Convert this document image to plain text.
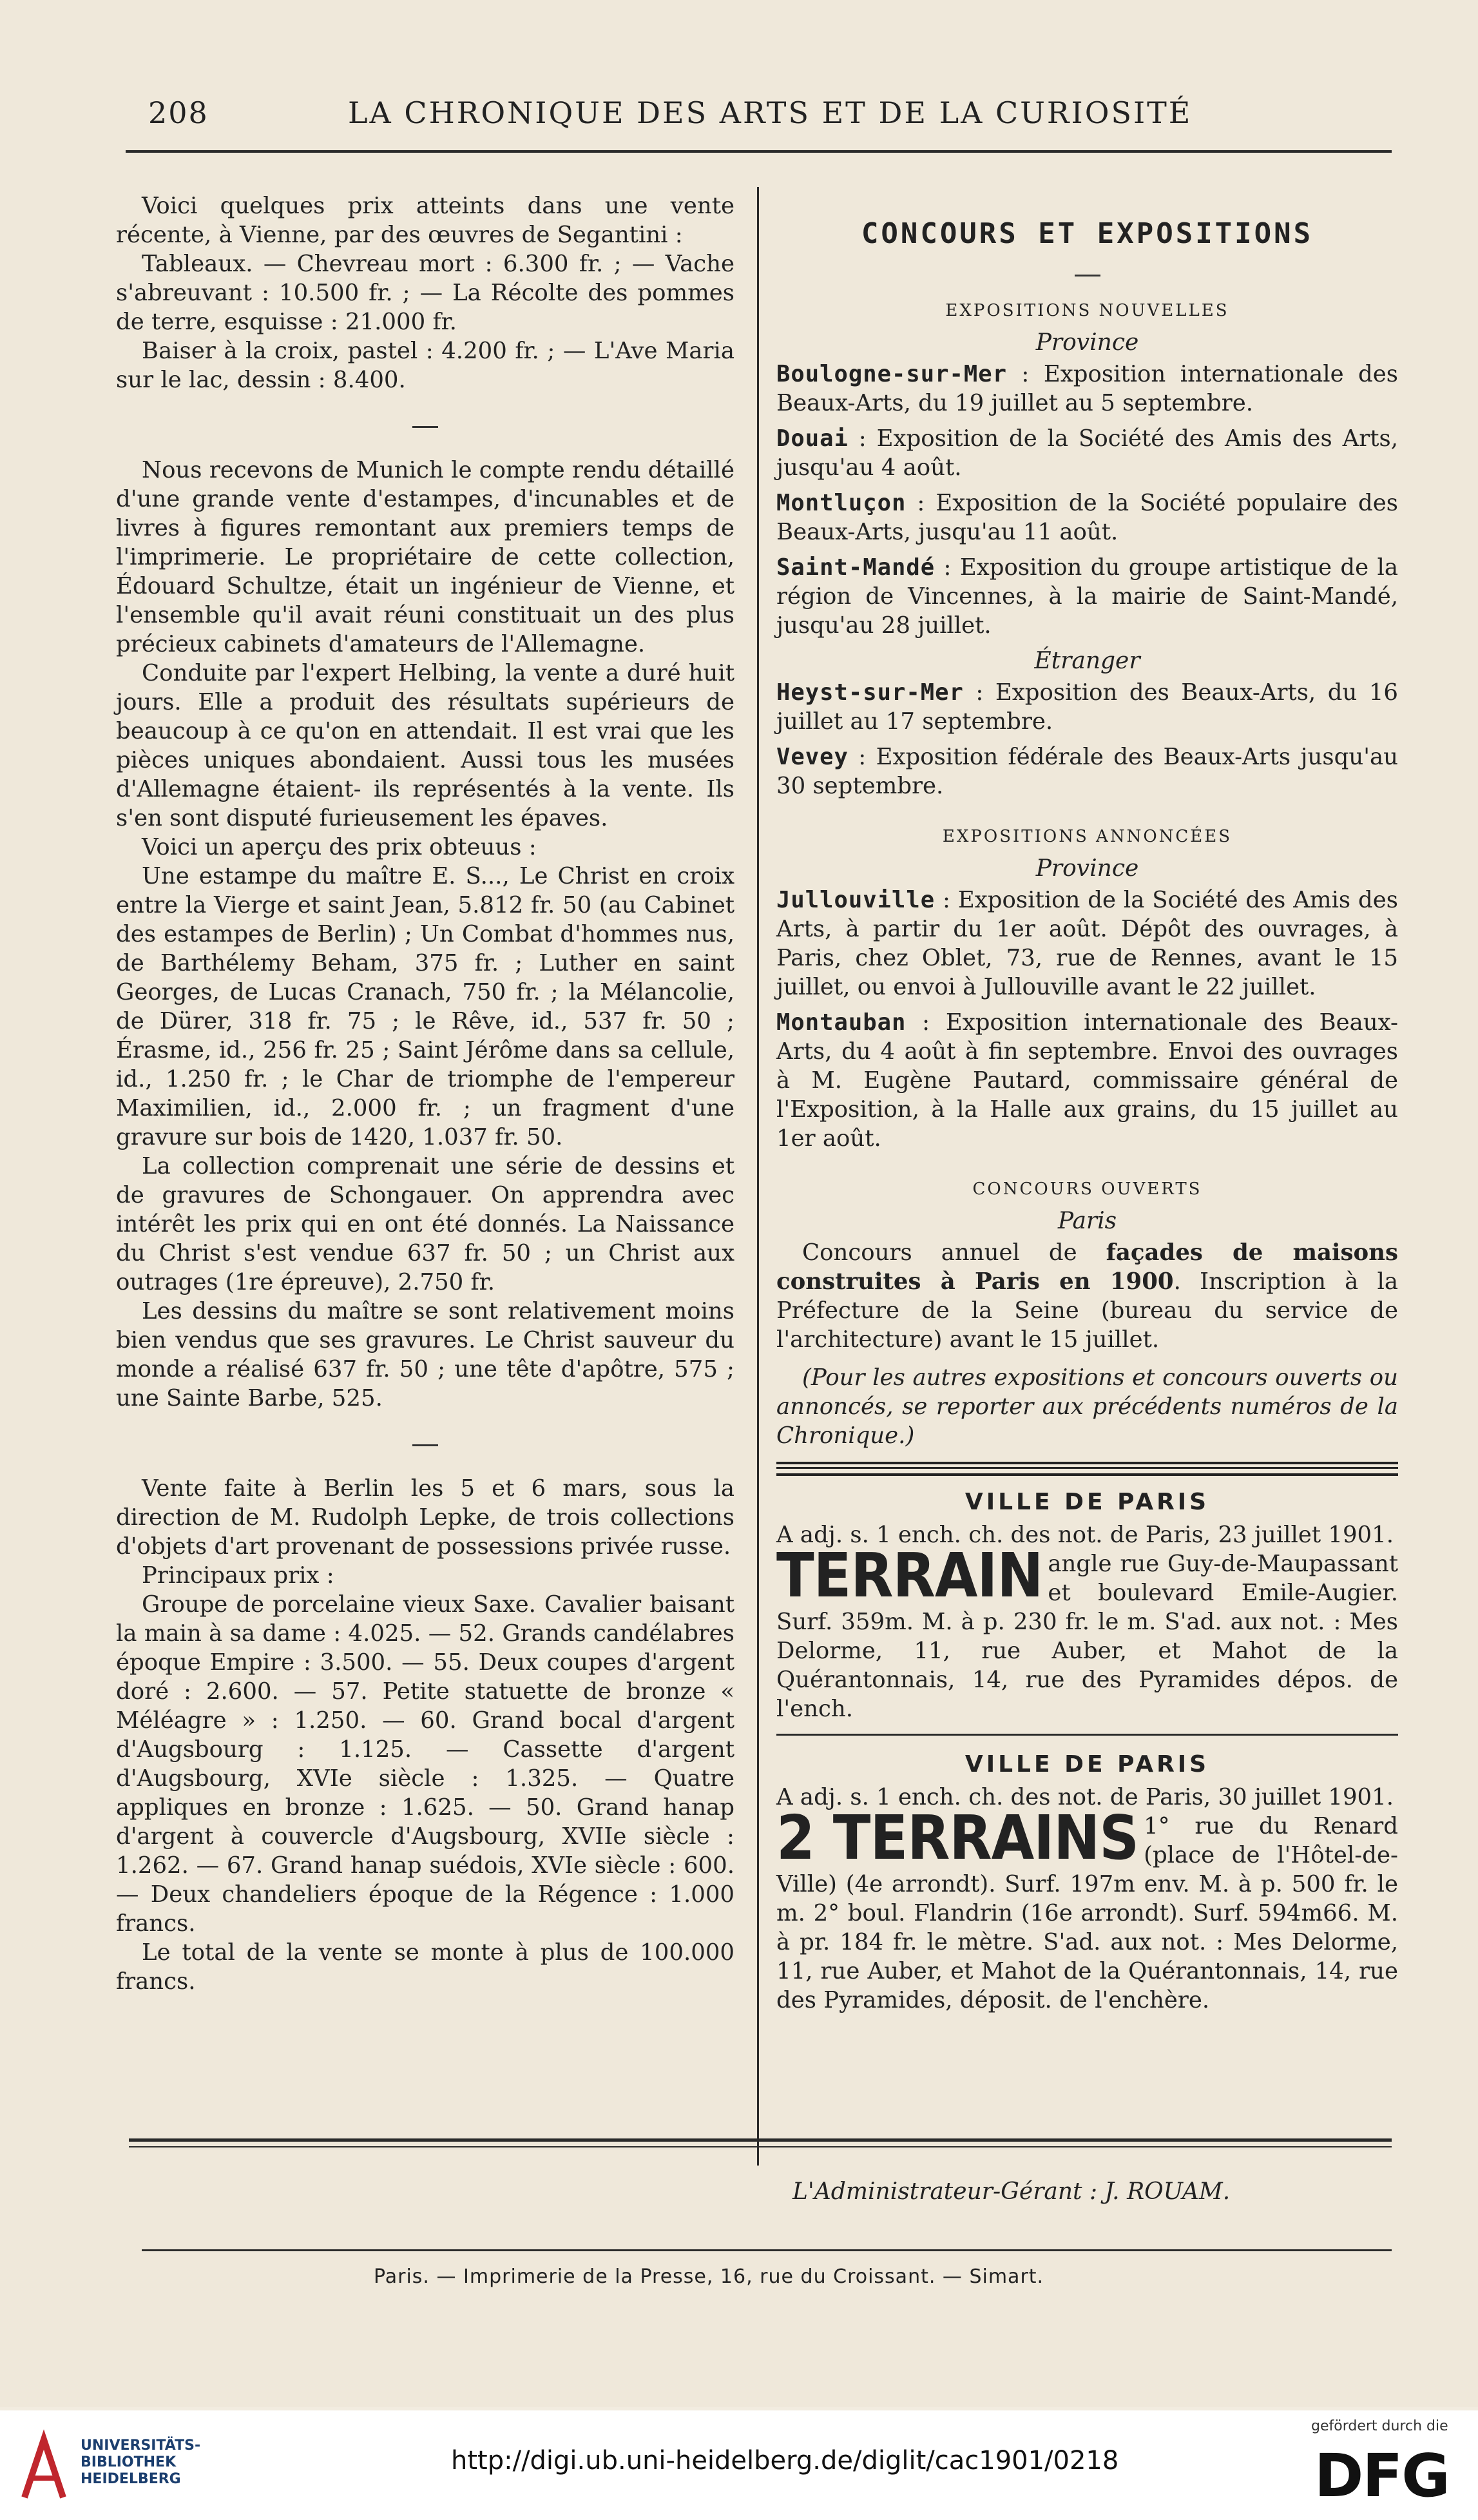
208	LA CHRONIQUE DES ARTS ET DE LA CURIOSITÉ

Voici quelques prix atteints dans une vente récente, à Vienne, par des œuvres de Segantini :

Tableaux. — Chevreau mort : 6.300 fr. ; — Vache s'abreuvant : 10.500 fr. ; — La Récolte des pommes de terre, esquisse : 21.000 fr.

Baiser à la croix, pastel : 4.200 fr. ; — L'Ave Maria sur le lac, dessin : 8.400.

Nous recevons de Munich le compte rendu détaillé d'une grande vente d'estampes, d'incunables et de livres à figures remontant aux premiers temps de l'imprimerie. Le propriétaire de cette collection, Édouard Schultze, était un ingénieur de Vienne, et l'ensemble qu'il avait réuni constituait un des plus précieux cabinets d'amateurs de l'Allemagne.

Conduite par l'expert Helbing, la vente a duré huit jours. Elle a produit des résultats supérieurs de beaucoup à ce qu'on en attendait. Il est vrai que les pièces uniques abondaient. Aussi tous les musées d'Allemagne étaient- ils représentés à la vente. Ils s'en sont disputé furieusement les épaves.

Voici un aperçu des prix obteuus :

Une estampe du maître E. S..., Le Christ en croix entre la Vierge et saint Jean, 5.812 fr. 50 (au Cabinet des estampes de Berlin) ; Un Combat d'hommes nus, de Barthélemy Beham, 375 fr. ; Luther en saint Georges, de Lucas Cranach, 750 fr. ; la Mélancolie, de Dürer, 318 fr. 75 ; le Rêve, id., 537 fr. 50 ; Érasme, id., 256 fr. 25 ; Saint Jérôme dans sa cellule, id., 1.250 fr. ; le Char de triomphe de l'empereur Maximilien, id., 2.000 fr. ; un fragment d'une gravure sur bois de 1420, 1.037 fr. 50.

La collection comprenait une série de dessins et de gravures de Schongauer. On apprendra avec intérêt les prix qui en ont été donnés. La Naissance du Christ s'est vendue 637 fr. 50 ; un Christ aux outrages (1re épreuve), 2.750 fr.

Les dessins du maître se sont relativement moins bien vendus que ses gravures. Le Christ sauveur du monde a réalisé 637 fr. 50 ; une tête d'apôtre, 575 ; une Sainte Barbe, 525.

Vente faite à Berlin les 5 et 6 mars, sous la direction de M. Rudolph Lepke, de trois collections d'objets d'art provenant de possessions privée russe.

Principaux prix :

Groupe de porcelaine vieux Saxe. Cavalier baisant la main à sa dame : 4.025. — 52. Grands candélabres époque Empire : 3.500. — 55. Deux coupes d'argent doré : 2.600. — 57. Petite statuette de bronze « Méléagre » : 1.250. — 60. Grand bocal d'argent d'Augsbourg : 1.125. — Cassette d'argent d'Augsbourg, XVIe siècle : 1.325. — Quatre appliques en bronze : 1.625. — 50. Grand hanap d'argent à couvercle d'Augsbourg, XVIIe siècle : 1.262. — 67. Grand hanap suédois, XVIe siècle : 600. — Deux chandeliers époque de la Régence : 1.000 francs.

Le total de la vente se monte à plus de 100.000 francs.

CONCOURS ET EXPOSITIONS
EXPOSITIONS NOUVELLES
Province

Boulogne-sur-Mer : Exposition internationale des Beaux-Arts, du 19 juillet au 5 septembre.

Douai : Exposition de la Société des Amis des Arts, jusqu'au 4 août.

Montluçon : Exposition de la Société populaire des Beaux-Arts, jusqu'au 11 août.

Saint-Mandé : Exposition du groupe artistique de la région de Vincennes, à la mairie de Saint-Mandé, jusqu'au 28 juillet.

Étranger

Heyst-sur-Mer : Exposition des Beaux-Arts, du 16 juillet au 17 septembre.

Vevey : Exposition fédérale des Beaux-Arts jusqu'au 30 septembre.

EXPOSITIONS ANNONCÉES
Province

Jullouville : Exposition de la Société des Amis des Arts, à partir du 1er août. Dépôt des ouvrages, à Paris, chez Oblet, 73, rue de Rennes, avant le 15 juillet, ou envoi à Jullouville avant le 22 juillet.

Montauban : Exposition internationale des Beaux-Arts, du 4 août à fin septembre. Envoi des ouvrages à M. Eugène Pautard, commissaire général de l'Exposition, à la Halle aux grains, du 15 juillet au 1er août.

CONCOURS OUVERTS
Paris

Concours annuel de façades de maisons construites à Paris en 1900. Inscription à la Préfecture de la Seine (bureau du service de l'architecture) avant le 15 juillet.

(Pour les autres expositions et concours ouverts ou annoncés, se reporter aux précédents numéros de la Chronique.)

VILLE DE PARIS

A adj. s. 1 ench. ch. des not. de Paris, 23 juillet 1901.

TERRAIN angle rue Guy-de-Maupassant et boulevard Emile-Augier. Surf. 359m. M. à p. 230 fr. le m. S'ad. aux not. : Mes Delorme, 11, rue Auber, et Mahot de la Quérantonnais, 14, rue des Pyramides dépos. de l'ench.

VILLE DE PARIS

A adj. s. 1 ench. ch. des not. de Paris, 30 juillet 1901.

2 TERRAINS 1° rue du Renard (place de l'Hôtel-de-Ville) (4e arrondt). Surf. 197m env. M. à p. 500 fr. le m. 2° boul. Flandrin (16e arrondt). Surf. 594m66. M. à pr. 184 fr. le mètre. S'ad. aux not. : Mes Delorme, 11, rue Auber, et Mahot de la Quérantonnais, 14, rue des Pyramides, déposit. de l'enchère.

L'Administrateur-Gérant : J. ROUAM.
Paris. — Imprimerie de la Presse, 16, rue du Croissant. — Simart.
UNIVERSITÄTS-
BIBLIOTHEK
HEIDELBERG
http://digi.ub.uni-heidelberg.de/diglit/cac1901/0218
gefördert durch die
DFG
